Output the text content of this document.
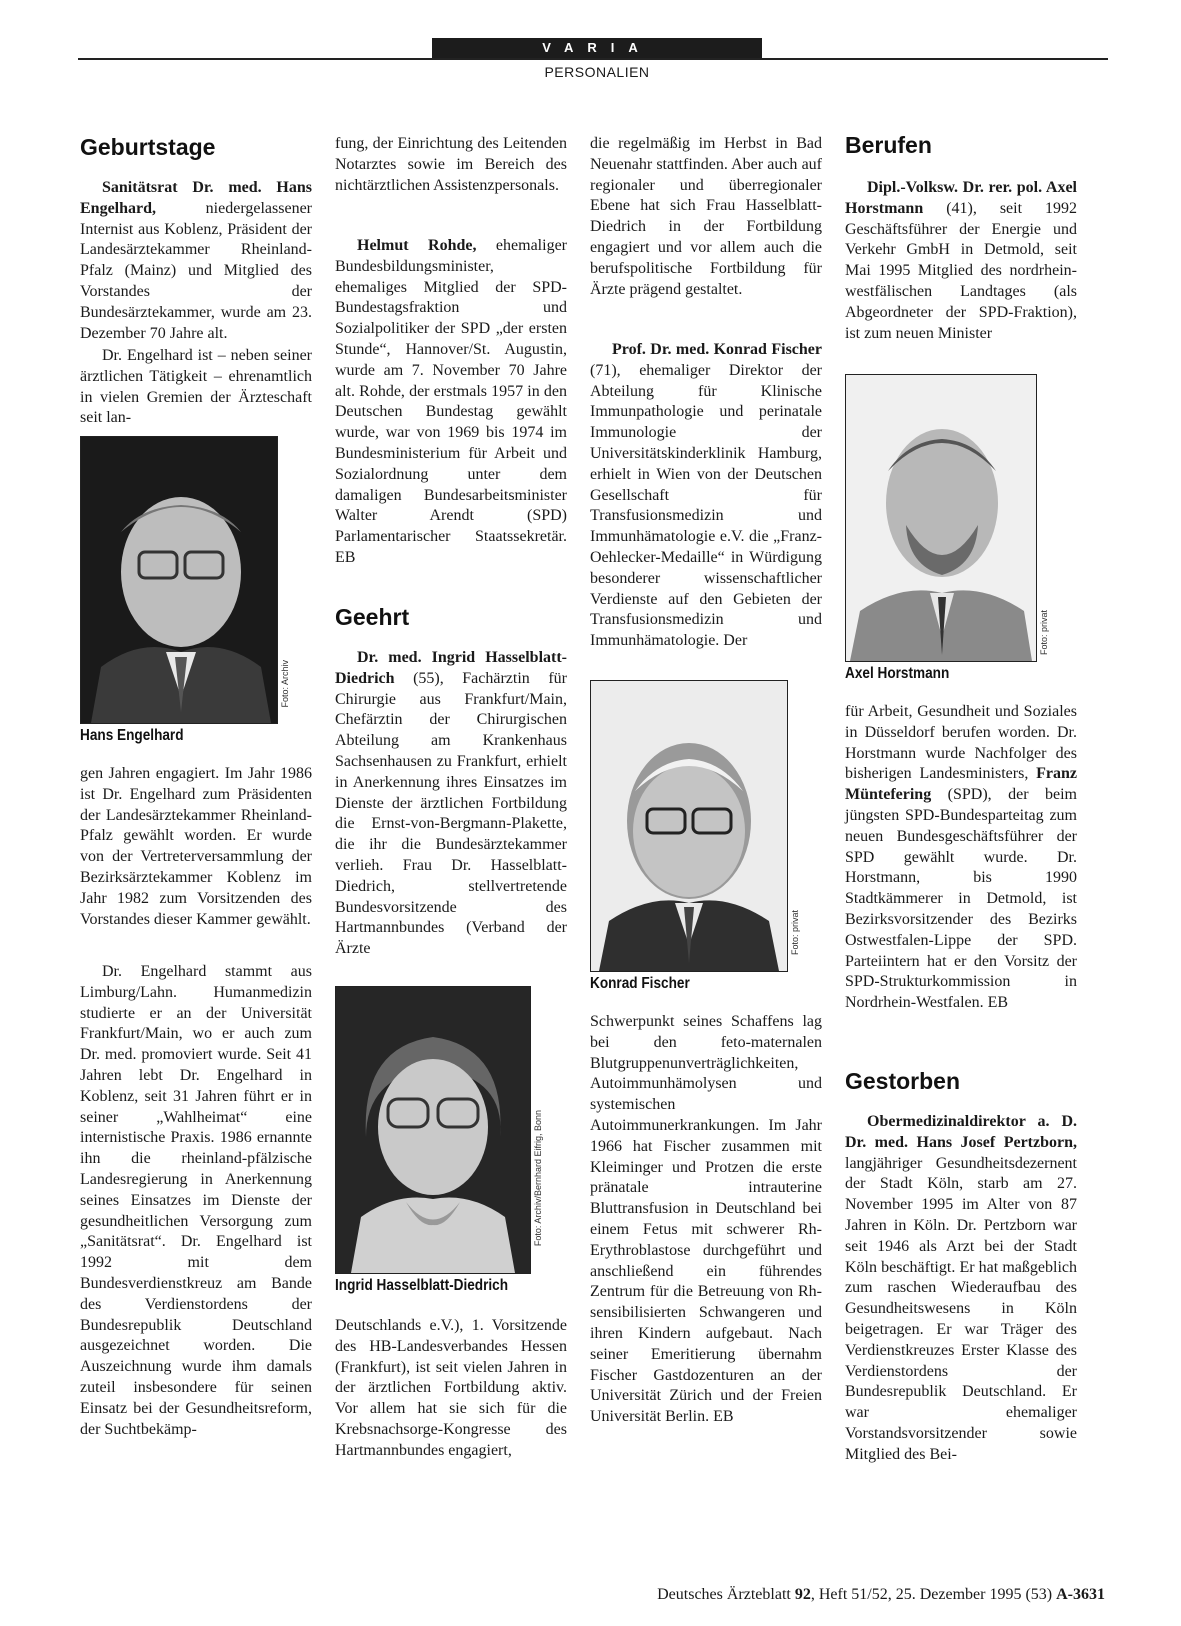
VARIA
PERSONALIEN
Geburtstage

Sanitätsrat Dr. med. Hans Engelhard, niedergelassener Internist aus Koblenz, Präsident der Landesärztekammer Rheinland-Pfalz (Mainz) und Mitglied des Vorstandes der Bundesärztekammer, wurde am 23. Dezember 70 Jahre alt.

Dr. Engelhard ist – neben seiner ärztlichen Tätigkeit – ehrenamtlich in vielen Gremien der Ärzteschaft seit lan-

Foto: Archiv

Hans Engelhard

gen Jahren engagiert. Im Jahr 1986 ist Dr. Engelhard zum Präsidenten der Landesärztekammer Rheinland-Pfalz gewählt worden. Er wurde von der Vertreterversammlung der Bezirksärztekammer Koblenz im Jahr 1982 zum Vorsitzenden des Vorstandes dieser Kammer gewählt.

Dr. Engelhard stammt aus Limburg/Lahn. Humanmedizin studierte er an der Universität Frankfurt/Main, wo er auch zum Dr. med. promoviert wurde. Seit 41 Jahren lebt Dr. Engelhard in Koblenz, seit 31 Jahren führt er in seiner „Wahlheimat“ eine internistische Praxis. 1986 ernannte ihn die rheinland-pfälzische Landesregierung in Anerkennung seines Einsatzes im Dienste der gesundheitlichen Versorgung zum „Sanitätsrat“. Dr. Engelhard ist 1992 mit dem Bundesverdienstkreuz am Bande des Verdienstordens der Bundesrepublik Deutschland ausgezeichnet worden. Die Auszeichnung wurde ihm damals zuteil insbesondere für seinen Einsatz bei der Gesundheitsreform, der Suchtbekämp-

fung, der Einrichtung des Leitenden Notarztes sowie im Bereich des nichtärztlichen Assistenzpersonals.

Helmut Rohde, ehemaliger Bundesbildungsminister, ehemaliges Mitglied der SPD-Bundestagsfraktion und Sozialpolitiker der SPD „der ersten Stunde“, Hannover/St. Augustin, wurde am 7. November 70 Jahre alt. Rohde, der erstmals 1957 in den Deutschen Bundestag gewählt wurde, war von 1969 bis 1974 im Bundesministerium für Arbeit und Sozialordnung unter dem damaligen Bundesarbeitsminister Walter Arendt (SPD) Parlamentarischer Staatssekretär. EB

Geehrt

Dr. med. Ingrid Hasselblatt-Diedrich (55), Fachärztin für Chirurgie aus Frankfurt/Main, Chefärztin der Chirurgischen Abteilung am Krankenhaus Sachsenhausen zu Frankfurt, erhielt in Anerkennung ihres Einsatzes im Dienste der ärztlichen Fortbildung die Ernst-von-Bergmann-Plakette, die ihr die Bundesärztekammer verlieh. Frau Dr. Hasselblatt-Diedrich, stellvertretende Bundesvorsitzende des Hartmannbundes (Verband der Ärzte

Foto: Archiv/Bernhard Eifrig, Bonn

Ingrid Hasselblatt-Diedrich

Deutschlands e.V.), 1. Vorsitzende des HB-Landesverbandes Hessen (Frankfurt), ist seit vielen Jahren in der ärztlichen Fortbildung aktiv. Vor allem hat sie sich für die Krebsnachsorge-Kongresse des Hartmannbundes engagiert,

die regelmäßig im Herbst in Bad Neuenahr stattfinden. Aber auch auf regionaler und überregionaler Ebene hat sich Frau Hasselblatt-Diedrich in der Fortbildung engagiert und vor allem auch die berufspolitische Fortbildung für Ärzte prägend gestaltet.

Prof. Dr. med. Konrad Fischer (71), ehemaliger Direktor der Abteilung für Klinische Immunpathologie und perinatale Immunologie der Universitätskinderklinik Hamburg, erhielt in Wien von der Deutschen Gesellschaft für Transfusionsmedizin und Immunhämatologie e.V. die „Franz-Oehlecker-Medaille“ in Würdigung besonderer wissenschaftlicher Verdienste auf den Gebieten der Transfusionsmedizin und Immunhämatologie. Der

Foto: privat

Konrad Fischer

Schwerpunkt seines Schaffens lag bei den feto-maternalen Blutgruppenunverträglichkeiten, Autoimmunhämolysen und systemischen Autoimmunerkrankungen. Im Jahr 1966 hat Fischer zusammen mit Kleiminger und Protzen die erste pränatale intrauterine Bluttransfusion in Deutschland bei einem Fetus mit schwerer Rh-Erythroblastose durchgeführt und anschließend ein führendes Zentrum für die Betreuung von Rh-sensibilisierten Schwangeren und ihren Kindern aufgebaut. Nach seiner Emeritierung übernahm Fischer Gastdozenturen an der Universität Zürich und der Freien Universität Berlin. EB

Berufen

Dipl.-Volksw. Dr. rer. pol. Axel Horstmann (41), seit 1992 Geschäftsführer der Energie und Verkehr GmbH in Detmold, seit Mai 1995 Mitglied des nordrhein-westfälischen Landtages (als Abgeordneter der SPD-Fraktion), ist zum neuen Minister

Foto: privat

Axel Horstmann

für Arbeit, Gesundheit und Soziales in Düsseldorf berufen worden. Dr. Horstmann wurde Nachfolger des bisherigen Landesministers, Franz Müntefering (SPD), der beim jüngsten SPD-Bundesparteitag zum neuen Bundesgeschäftsführer der SPD gewählt wurde. Dr. Horstmann, bis 1990 Stadtkämmerer in Detmold, ist Bezirksvorsitzender des Bezirks Ostwestfalen-Lippe der SPD. Parteiintern hat er den Vorsitz der SPD-Strukturkommission in Nordrhein-Westfalen. EB

Gestorben

Obermedizinaldirektor a. D. Dr. med. Hans Josef Pertzborn, langjähriger Gesundheitsdezernent der Stadt Köln, starb am 27. November 1995 im Alter von 87 Jahren in Köln. Dr. Pertzborn war seit 1946 als Arzt bei der Stadt Köln beschäftigt. Er hat maßgeblich zum raschen Wiederaufbau des Gesundheitswesens in Köln beigetragen. Er war Träger des Verdienstkreuzes Erster Klasse des Verdienstordens der Bundesrepublik Deutschland. Er war ehemaliger Vorstandsvorsitzender sowie Mitglied des Bei-

Deutsches Ärzteblatt 92, Heft 51/52, 25. Dezember 1995 (53) A-3631
